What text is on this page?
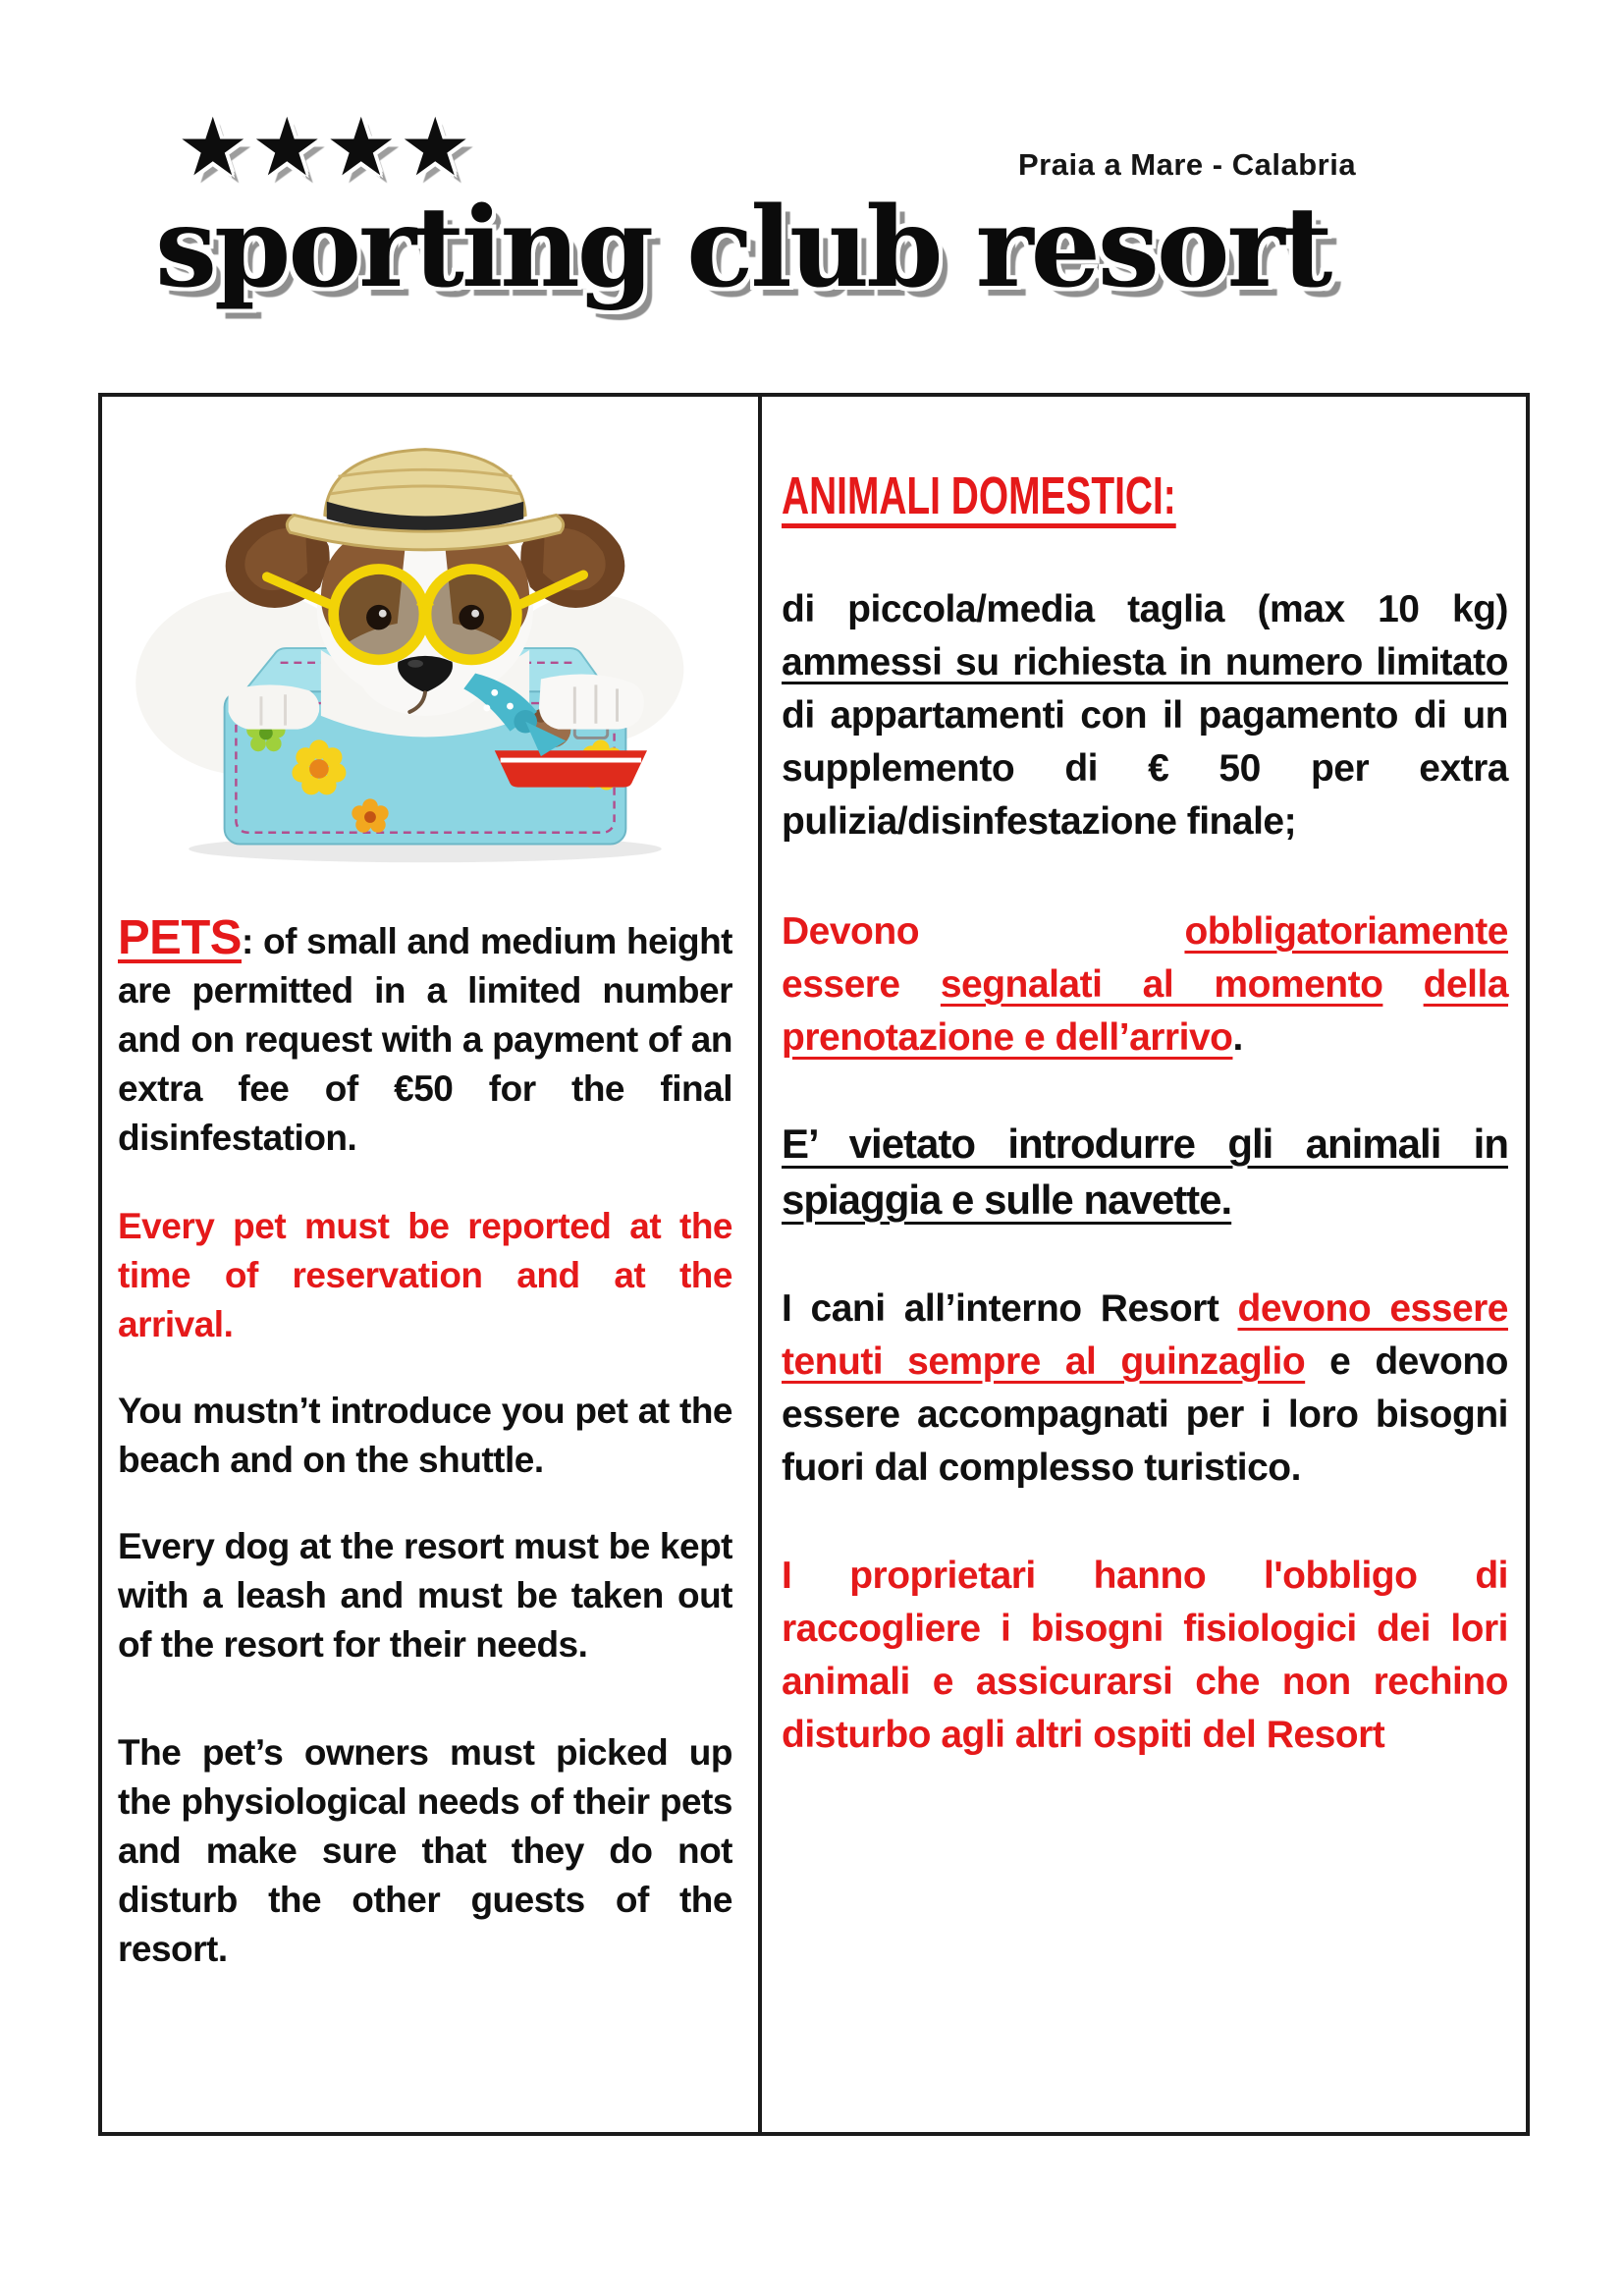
★★★★	Praia a Mare - Calabria
sporting club resort

PETS: of small and medium height are permitted in a limited number and on request with a payment of an extra fee of €50 for the final disinfestation.

Every pet must be reported at the time of reservation and at the arrival.

You mustn’t introduce you pet at the beach and on the shuttle.

Every dog at the resort must be kept with a leash and must be taken out of the resort for their needs.

The pet’s owners must picked up the physiological needs of their pets and make sure that they do not disturb the other guests of the resort.

ANIMALI DOMESTICI:

di piccola/media taglia (max 10 kg) ammessi su richiesta in numero limitato di appartamenti con il pagamento di un supplemento di € 50 per extra pulizia/disinfestazione finale;

Devono	obbligatoriamente
essere segnalati al momento della prenotazione e dell’arrivo.

E’ vietato introdurre gli animali in spiaggia e sulle navette.

I cani all’interno Resort devono essere tenuti sempre al guinzaglio e devono essere accompagnati per i loro bisogni fuori dal complesso turistico.

I proprietari hanno l'obbligo di raccogliere i bisogni fisiologici dei lori animali e assicurarsi che non rechino disturbo agli altri ospiti del Resort
